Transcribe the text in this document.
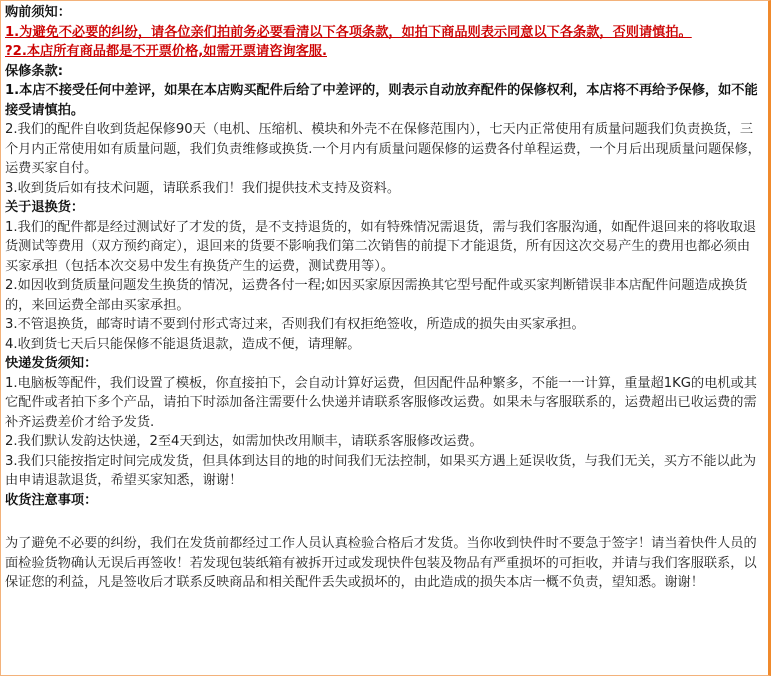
购前须知：

1.为避免不必要的纠纷，请各位亲们拍前务必要看清以下各项条款，如拍下商品则表示同意以下各条款，否则请慎拍。

?2.本店所有商品都是不开票价格,如需开票请咨询客服.

保修条款:

1.本店不接受任何中差评，如果在本店购买配件后给了中差评的，则表示自动放弃配件的保修权利，本店将不再给予保修，如不能接受请慎拍。

2.我们的配件自收到货起保修90天（电机、压缩机、模块和外壳不在保修范围内），七天内正常使用有质量问题我们负责换货，三个月内正常使用如有质量问题，我们负责维修或换货.一个月内有质量问题保修的运费各付单程运费，一个月后出现质量问题保修，运费买家自付。

3.收到货后如有技术问题，请联系我们！我们提供技术支持及资料。

关于退换货：

1.我们的配件都是经过测试好了才发的货，是不支持退货的，如有特殊情况需退货，需与我们客服沟通，如配件退回来的将收取退货测试等费用（双方预约商定），退回来的货要不影响我们第二次销售的前提下才能退货，所有因这次交易产生的费用也都必须由买家承担（包括本次交易中发生有换货产生的运费，测试费用等）。

2.如因收到货质量问题发生换货的情况，运费各付一程;如因买家原因需换其它型号配件或买家判断错误非本店配件问题造成换货的，来回运费全部由买家承担。

3.不管退换货，邮寄时请不要到付形式寄过来，否则我们有权拒绝签收，所造成的损失由买家承担。

4.收到货七天后只能保修不能退货退款，造成不便，请理解。

快递发货须知：

1.电脑板等配件，我们设置了模板，你直接拍下，会自动计算好运费，但因配件品种繁多，不能一一计算，重量超1KG的电机或其它配件或者拍下多个产品，请拍下时添加备注需要什么快递并请联系客服修改运费。如果未与客服联系的，运费超出已收运费的需补齐运费差价才给予发货.

2.我们默认发韵达快递，2至4天到达，如需加快改用顺丰，请联系客服修改运费。

3.我们只能按指定时间完成发货，但具体到达目的地的时间我们无法控制，如果买方遇上延误收货，与我们无关，买方不能以此为由申请退款退货，希望买家知悉，谢谢！

收货注意事项：

为了避免不必要的纠纷，我们在发货前都经过工作人员认真检验合格后才发货。当你收到快件时不要急于签字！请当着快件人员的面检验货物确认无误后再签收！若发现包装纸箱有被拆开过或发现快件包装及物品有严重损坏的可拒收，并请与我们客服联系，以保证您的利益，凡是签收后才联系反映商品和相关配件丢失或损坏的，由此造成的损失本店一概不负责，望知悉。谢谢！
